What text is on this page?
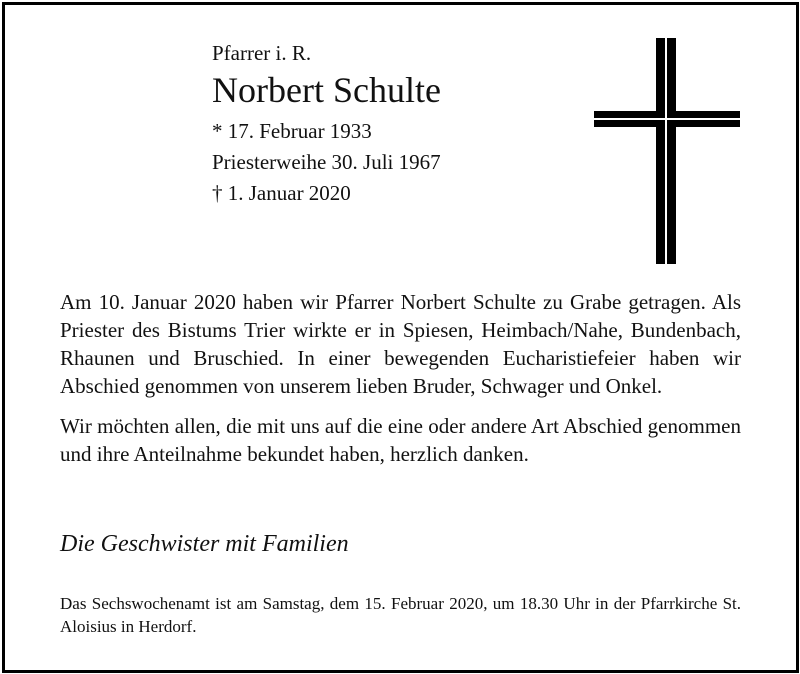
Pfarrer i. R.

Norbert Schulte

* 17. Februar 1933

Priesterweihe 30. Juli 1967

† 1. Januar 2020

Am 10. Januar 2020 haben wir Pfarrer Norbert Schulte zu Grabe getragen. Als Priester des Bistums Trier wirkte er in Spiesen, Heimbach/Nahe, Bundenbach, Rhaunen und Bruschied. In einer bewegenden Eucharistiefeier haben wir Abschied genommen von unserem lieben Bruder, Schwager und Onkel.

Wir möchten allen, die mit uns auf die eine oder andere Art Abschied genommen und ihre Anteilnahme bekundet haben, herzlich danken.

Die Geschwister mit Familien

Das Sechswochenamt ist am Samstag, dem 15. Februar 2020, um 18.30 Uhr in der Pfarrkirche St. Aloisius in Herdorf.
